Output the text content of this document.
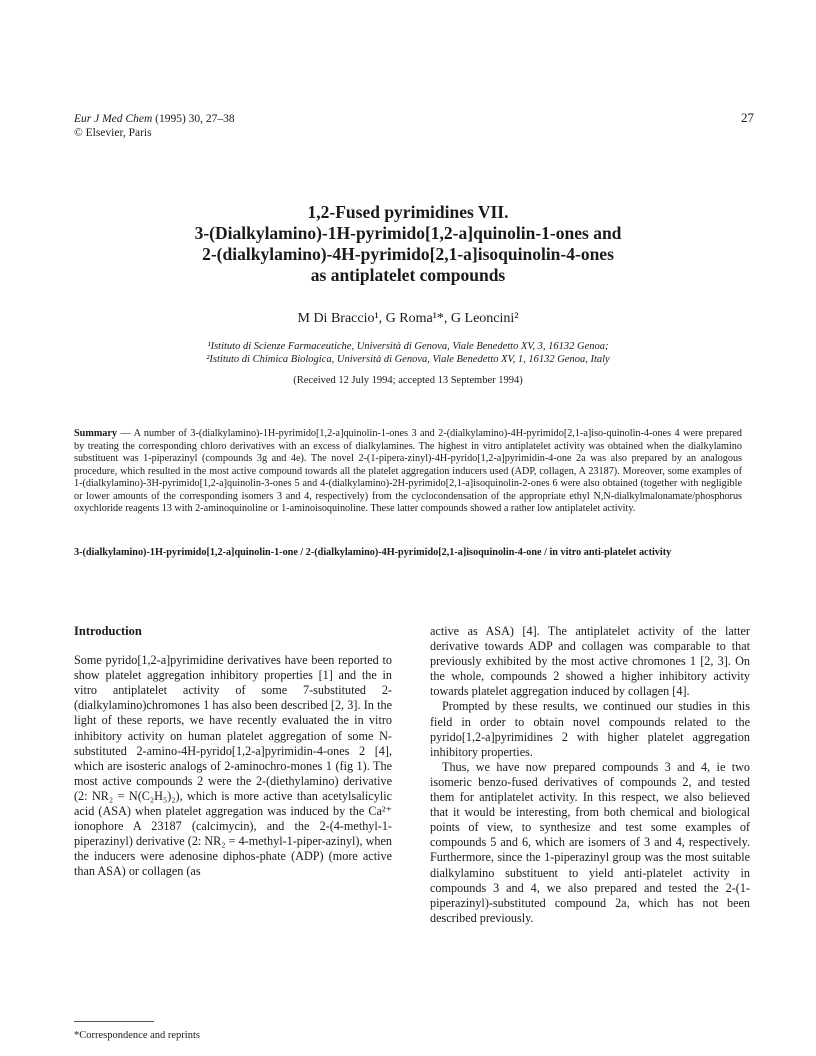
Eur J Med Chem (1995) 30, 27–38
© Elsevier, Paris
27
1,2-Fused pyrimidines VII.
3-(Dialkylamino)-1H-pyrimido[1,2-a]quinolin-1-ones and
2-(dialkylamino)-4H-pyrimido[2,1-a]isoquinolin-4-ones
as antiplatelet compounds
M Di Braccio¹, G Roma¹*, G Leoncini²
¹Istituto di Scienze Farmaceutiche, Università di Genova, Viale Benedetto XV, 3, 16132 Genoa;
²Istituto di Chimica Biologica, Università di Genova, Viale Benedetto XV, 1, 16132 Genoa, Italy
(Received 12 July 1994; accepted 13 September 1994)
Summary — A number of 3-(dialkylamino)-1H-pyrimido[1,2-a]quinolin-1-ones 3 and 2-(dialkylamino)-4H-pyrimido[2,1-a]iso-quinolin-4-ones 4 were prepared by treating the corresponding chloro derivatives with an excess of dialkylamines. The highest in vitro antiplatelet activity was obtained when the dialkylamino substituent was 1-piperazinyl (compounds 3g and 4e). The novel 2-(1-pipera-zinyl)-4H-pyrido[1,2-a]pyrimidin-4-one 2a was also prepared by an analogous procedure, which resulted in the most active compound towards all the platelet aggregation inducers used (ADP, collagen, A 23187). Moreover, some examples of 1-(dialkylamino)-3H-pyrimido[1,2-a]quinolin-3-ones 5 and 4-(dialkylamino)-2H-pyrimido[2,1-a]isoquinolin-2-ones 6 were also obtained (together with negligible or lower amounts of the corresponding isomers 3 and 4, respectively) from the cyclocondensation of the appropriate ethyl N,N-dialkylmalonamate/phosphorus oxychloride reagents 13 with 2-aminoquinoline or 1-aminoisoquinoline. These latter compounds showed a rather low antiplatelet activity.
3-(dialkylamino)-1H-pyrimido[1,2-a]quinolin-1-one / 2-(dialkylamino)-4H-pyrimido[2,1-a]isoquinolin-4-one / in vitro anti-platelet activity
Introduction

Some pyrido[1,2-a]pyrimidine derivatives have been reported to show platelet aggregation inhibitory properties [1] and the in vitro antiplatelet activity of some 7-substituted 2-(dialkylamino)chromones 1 has also been described [2, 3]. In the light of these reports, we have recently evaluated the in vitro inhibitory activity on human platelet aggregation of some N-substituted 2-amino-4H-pyrido[1,2-a]pyrimidin-4-ones 2 [4], which are isosteric analogs of 2-aminochro-mones 1 (fig 1). The most active compounds 2 were the 2-(diethylamino) derivative (2: NR₂ = N(C₂H₅)₂), which is more active than acetylsalicylic acid (ASA) when platelet aggregation was induced by the Ca²⁺ ionophore A 23187 (calcimycin), and the 2-(4-methyl-1-piperazinyl) derivative (2: NR₂ = 4-methyl-1-piper-azinyl), when the inducers were adenosine diphos-phate (ADP) (more active than ASA) or collagen (as

active as ASA) [4]. The antiplatelet activity of the latter derivative towards ADP and collagen was comparable to that previously exhibited by the most active chromones 1 [2, 3]. On the whole, compounds 2 showed a higher inhibitory activity towards platelet aggregation induced by collagen [4].

Prompted by these results, we continued our studies in this field in order to obtain novel compounds related to the pyrido[1,2-a]pyrimidines 2 with higher platelet aggregation inhibitory properties.

Thus, we have now prepared compounds 3 and 4, ie two isomeric benzo-fused derivatives of compounds 2, and tested them for antiplatelet activity. In this respect, we also believed that it would be interesting, from both chemical and biological points of view, to synthesize and test some examples of compounds 5 and 6, which are isomers of 3 and 4, respectively. Furthermore, since the 1-piperazinyl group was the most suitable dialkylamino substituent to yield anti-platelet activity in compounds 3 and 4, we also prepared and tested the 2-(1-piperazinyl)-substituted compound 2a, which has not been described previously.

*Correspondence and reprints
